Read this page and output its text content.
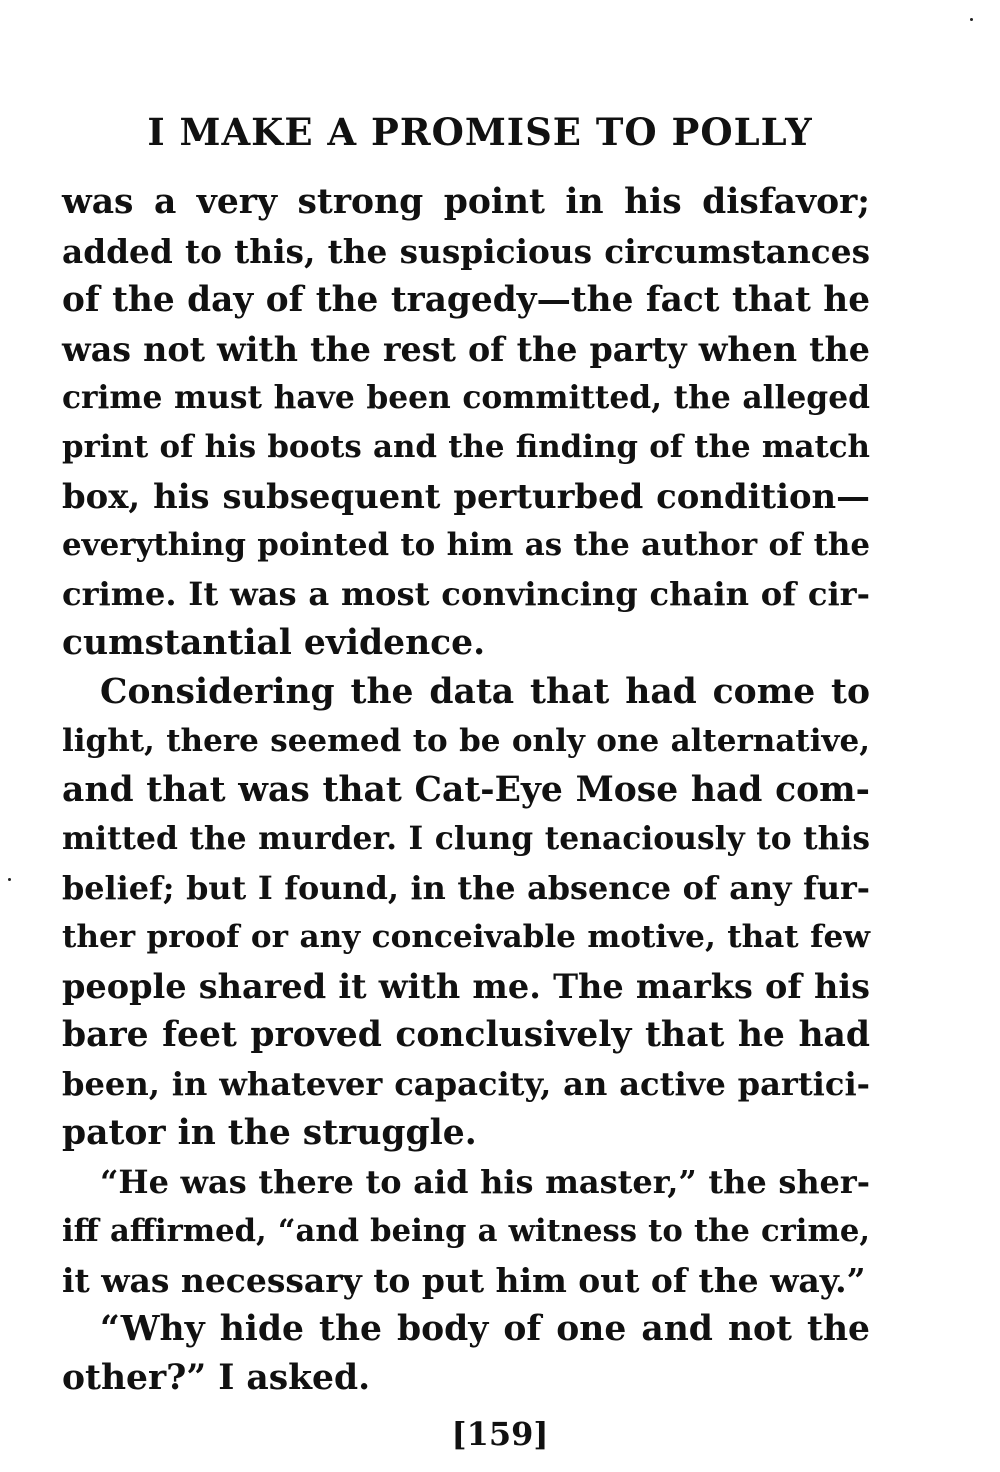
I MAKE A PROMISE TO POLLY

was a very strong point in his disfavor;
added to this, the suspicious circumstances
of the day of the tragedy—the fact that he
was not with the rest of the party when the
crime must have been committed, the alleged
print of his boots and the finding of the match
box, his subsequent perturbed condition—
everything pointed to him as the author of the
crime. It was a most convincing chain of cir-
cumstantial evidence.

Considering the data that had come to
light, there seemed to be only one alternative,
and that was that Cat-Eye Mose had com-
mitted the murder. I clung tenaciously to this
belief; but I found, in the absence of any fur-
ther proof or any conceivable motive, that few
people shared it with me. The marks of his
bare feet proved conclusively that he had
been, in whatever capacity, an active partici-
pator in the struggle.

“He was there to aid his master,” the sher-
iff affirmed, “and being a witness to the crime,
it was necessary to put him out of the way.”

“Why hide the body of one and not the
other?” I asked.

[159]
